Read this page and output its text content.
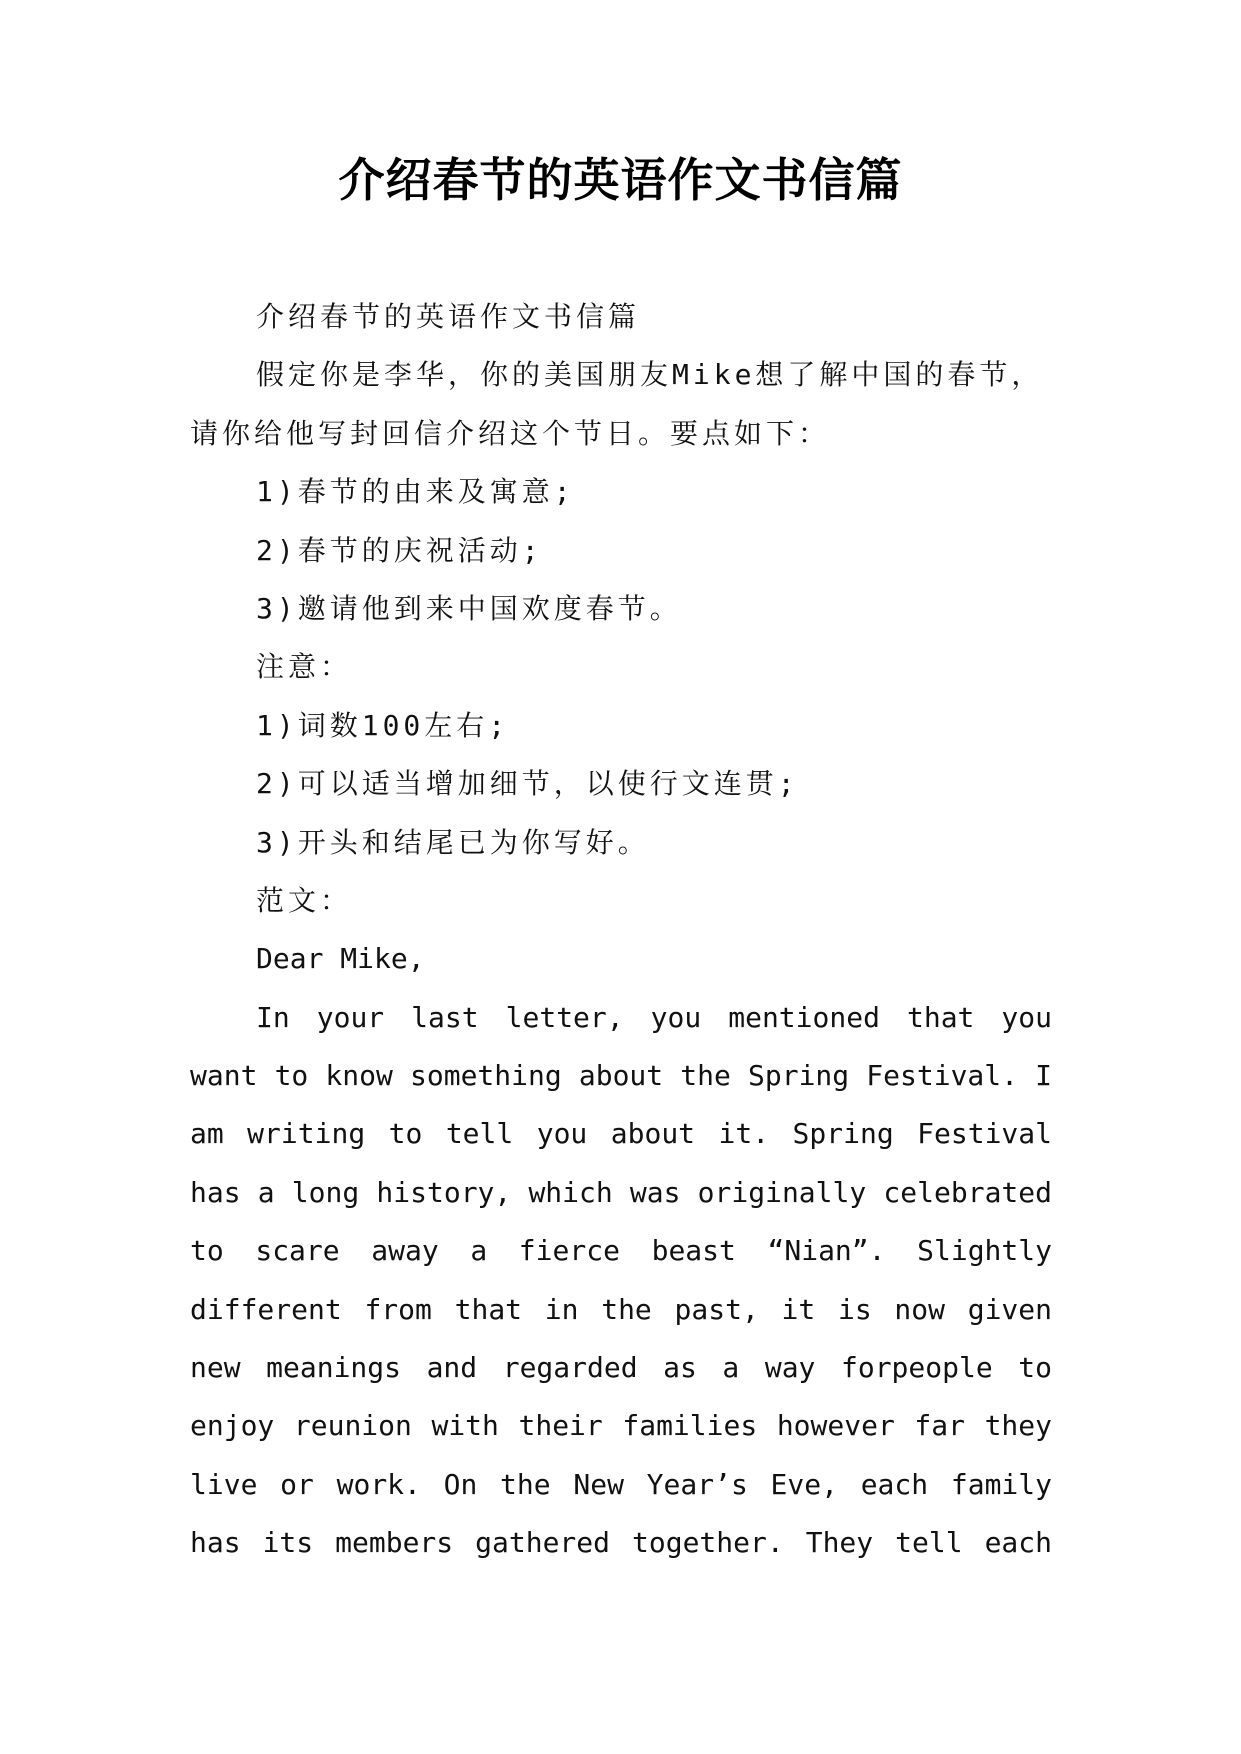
介绍春节的英语作文书信篇
介绍春节的英语作文书信篇
假定你是李华，你的美国朋友Mike想了解中国的春节，
请你给他写封回信介绍这个节日。要点如下：
1)春节的由来及寓意;
2)春节的庆祝活动;
3)邀请他到来中国欢度春节。
注意：
1)词数100左右;
2)可以适当增加细节，以使行文连贯;
3)开头和结尾已为你写好。
范文：
Dear Mike,
In your last letter, you mentioned that you
want to know something about the Spring Festival. I
am writing to tell you about it. Spring Festival
has a long history, which was originally celebrated
to scare away a fierce beast “Nian”. Slightly
different from that in the past, it is now given
new meanings and regarded as a way forpeople to
enjoy reunion with their families however far they
live or work. On the New Year’s Eve, each family
has its members gathered together. They tell each
